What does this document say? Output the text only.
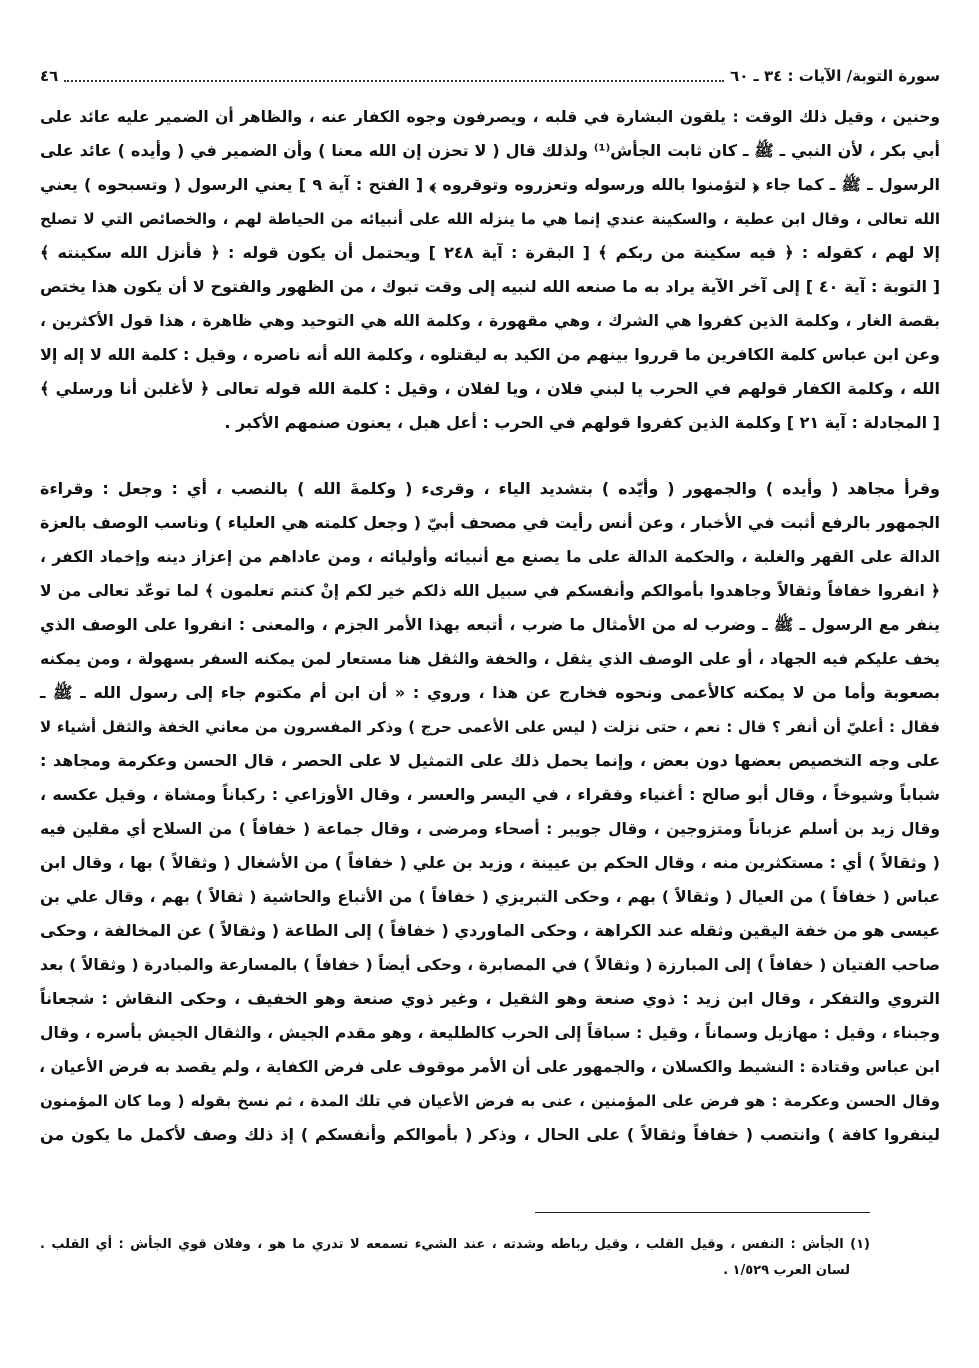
سورة التوبة/ الآيات : ٣٤ ـ ٦٠
٤٦
وحنين ، وقيل ذلك الوقت : يلقون البشارة في قلبه ، ويصرفون وجوه الكفار عنه ، والظاهر أن الضمير عليه عائد على
أبي بكر ، لأن النبي ـ ﷺ ـ كان ثابت الجأش⁽¹⁾ ولذلك قال ( لا تحزن إن الله معنا ) وأن الضمير في ( وأيده ) عائد على
الرسول ـ ﷺ ـ كما جاء ﴿ لتؤمنوا بالله ورسوله وتعزروه وتوقروه ﴾ [ الفتح : آية ٩ ] يعني الرسول ( وتسبحوه ) يعني
الله تعالى ، وقال ابن عطية ، والسكينة عندي إنما هي ما ينزله الله على أنبيائه من الحياطة لهم ، والخصائص التي لا تصلح
إلا لهم ، كقوله : ﴿ فيه سكينة من ربكم ﴾ [ البقرة : آية ٢٤٨ ] ويحتمل أن يكون قوله : ﴿ فأنزل الله سكينته ﴾
[ التوبة : آية ٤٠ ] إلى آخر الآية يراد به ما صنعه الله لنبيه إلى وقت تبوك ، من الظهور والفتوح لا أن يكون هذا يختص
بقصة الغار ، وكلمة الذين كفروا هي الشرك ، وهي مقهورة ، وكلمة الله هي التوحيد وهي ظاهرة ، هذا قول الأكثرين ،
وعن ابن عباس كلمة الكافرين ما قرروا بينهم من الكيد به ليقتلوه ، وكلمة الله أنه ناصره ، وقيل : كلمة الله لا إله إلا
الله ، وكلمة الكفار قولهم في الحرب يا لبني فلان ، ويا لفلان ، وقيل : كلمة الله قوله تعالى ﴿ لأغلبن أنا ورسلي ﴾
[ المجادلة : آية ٢١ ] وكلمة الذين كفروا قولهم في الحرب : أعل هبل ، يعنون صنمهم الأكبر .
وقرأ مجاهد ( وأيده ) والجمهور ( وأيّده ) بتشديد الياء ، وقرىء ( وكلمةَ الله ) بالنصب ، أي : وجعل : وقراءة
الجمهور بالرفع أثبت في الأخبار ، وعن أنس رأيت في مصحف أبيّ ( وجعل كلمته هي العلياء ) وناسب الوصف بالعزة
الدالة على القهر والغلبة ، والحكمة الدالة على ما يصنع مع أنبيائه وأوليائه ، ومن عاداهم من إعزاز دينه وإخماد الكفر ،
﴿ انفروا خفافاً وثقالاً وجاهدوا بأموالكم وأنفسكم في سبيل الله ذلكم خير لكم إنْ كنتم تعلمون ﴾ لما توعّد تعالى من لا
ينفر مع الرسول ـ ﷺ ـ وضرب له من الأمثال ما ضرب ، أتبعه بهذا الأمر الجزم ، والمعنى : انفروا على الوصف الذي
يخف عليكم فيه الجهاد ، أو على الوصف الذي يثقل ، والخفة والثقل هنا مستعار لمن يمكنه السفر بسهولة ، ومن يمكنه
بصعوبة وأما من لا يمكنه كالأعمى ونحوه فخارج عن هذا ، وروي : « أن ابن أم مكتوم جاء إلى رسول الله ـ ﷺ ـ
فقال : أعليّ أن أنفر ؟ قال : نعم ، حتى نزلت ( ليس على الأعمى حرج ) وذكر المفسرون من معاني الخفة والثقل أشياء لا
على وجه التخصيص بعضها دون بعض ، وإنما يحمل ذلك على التمثيل لا على الحصر ، قال الحسن وعكرمة ومجاهد :
شباباً وشيوخاً ، وقال أبو صالح : أغنياء وفقراء ، في اليسر والعسر ، وقال الأوزاعي : ركباناً ومشاة ، وقيل عكسه ،
وقال زيد بن أسلم عزباناً ومتزوجين ، وقال جويبر : أصحاء ومرضى ، وقال جماعة ( خفافاً ) من السلاح أي مقلين فيه
( وثقالاً ) أي : مستكثرين منه ، وقال الحكم بن عيينة ، وزيد بن علي ( خفافاً ) من الأشغال ( وثقالاً ) بها ، وقال ابن
عباس ( خفافاً ) من العيال ( وثقالاً ) بهم ، وحكى التبريزي ( خفافاً ) من الأتباع والحاشية ( ثقالاً ) بهم ، وقال علي بن
عيسى هو من خفة اليقين وثقله عند الكراهة ، وحكى الماوردي ( خفافاً ) إلى الطاعة ( وثقالاً ) عن المخالفة ، وحكى
صاحب الفتيان ( خفافاً ) إلى المبارزة ( وثقالاً ) في المصابرة ، وحكى أيضاً ( خفافاً ) بالمسارعة والمبادرة ( وثقالاً ) بعد
التروي والتفكر ، وقال ابن زيد : ذوي صنعة وهو الثقيل ، وغير ذوي صنعة وهو الخفيف ، وحكى النقاش : شجعاناً
وجبناء ، وقيل : مهازيل وسماناً ، وقيل : سباقاً إلى الحرب كالطليعة ، وهو مقدم الجيش ، والثقال الجيش بأسره ، وقال
ابن عباس وقتادة : النشيط والكسلان ، والجمهور على أن الأمر موقوف على فرض الكفاية ، ولم يقصد به فرض الأعيان ،
وقال الحسن وعكرمة : هو فرض على المؤمنين ، عنى به فرض الأعيان في تلك المدة ، ثم نسخ بقوله ( وما كان المؤمنون
لينفروا كافة ) وانتصب ( خفافاً وثقالاً ) على الحال ، وذكر ( بأموالكم وأنفسكم ) إذ ذلك وصف لأكمل ما يكون من
(١) الجأش : النفس ، وقيل القلب ، وقيل رباطه وشدته ، عند الشيء تسمعه لا تدري ما هو ، وفلان قوي الجأش : أي القلب .
لسان العرب ١/٥٢٩ .
